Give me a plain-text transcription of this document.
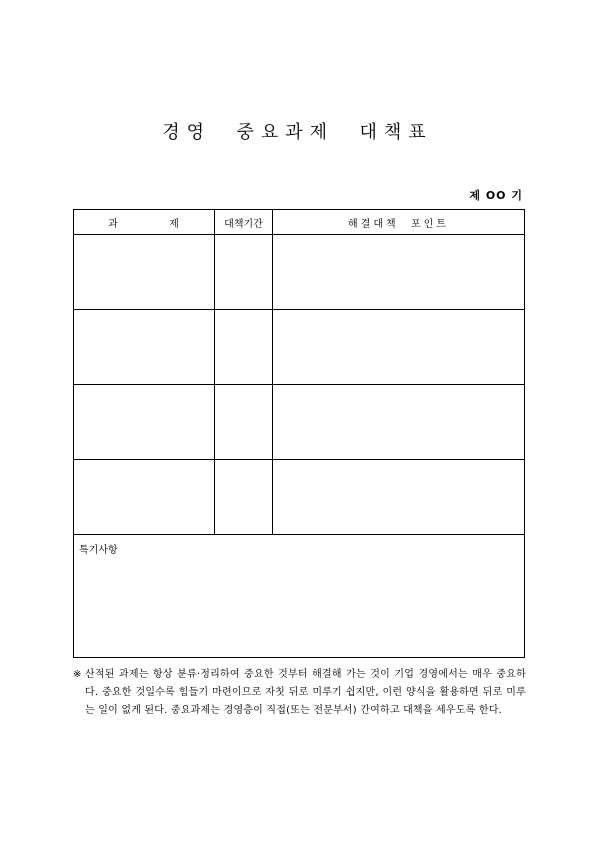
경영  중요과제  대책표
제 OO 기
과            제	대책기간	해결대책  포인트

특기사항		
※ 산적된 과제는 항상 분류·정리하여 중요한 것부터 해결해 가는 것이 기업 경영에서는 매우 중요하다. 중요한 것일수록 힘들기 마련이므로 자칫 뒤로 미루기 쉽지만, 이런 양식을 활용하면 뒤로 미루는 일이 없게 된다. 중요과제는 경영층이 직접(또는 전문부서) 간여하고 대책을 세우도록 한다.
